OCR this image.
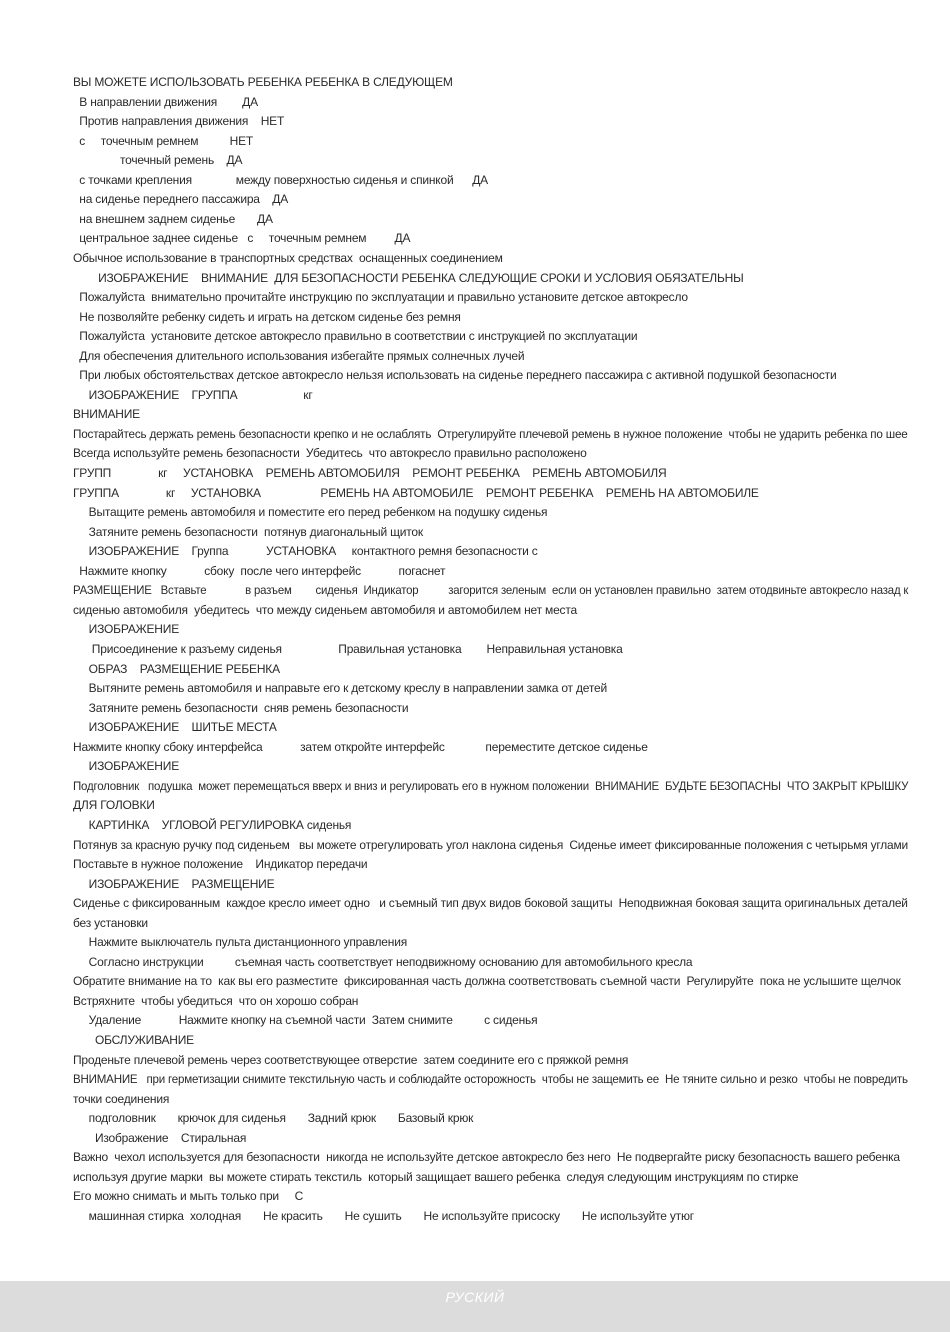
ВЫ МОЖЕТЕ ИСПОЛЬЗОВАТЬ РЕБЕНКА РЕБЕНКА В СЛЕДУЮЩЕМ
В направлении движения        ДА
Против направления движения    НЕТ
с     точечным ремнем          НЕТ
точечный ремень    ДА
с точками крепления              между поверхностью сиденья и спинкой      ДА
на сиденье переднего пассажира    ДА
на внешнем заднем сиденье       ДА
центральное заднее сиденье   с     точечным ремнем         ДА
Обычное использование в транспортных средствах  оснащенных соединением
ИЗОБРАЖЕНИЕ    ВНИМАНИЕ  ДЛЯ БЕЗОПАСНОСТИ РЕБЕНКА СЛЕДУЮЩИЕ СРОКИ И УСЛОВИЯ ОБЯЗАТЕЛЬНЫ
Пожалуйста  внимательно прочитайте инструкцию по эксплуатации и правильно установите детское автокресло
Не позволяйте ребенку сидеть и играть на детском сиденье без ремня
Пожалуйста  установите детское автокресло правильно в соответствии с инструкцией по эксплуатации
Для обеспечения длительного использования избегайте прямых солнечных лучей
При любых обстоятельствах детское автокресло нельзя использовать на сиденье переднего пассажира с активной подушкой безопасности
ИЗОБРАЖЕНИЕ    ГРУППА                     кг
ВНИМАНИЕ
Постарайтесь держать ремень безопасности крепко и не ослаблять  Отрегулируйте плечевой ремень в нужное положение  чтобы не ударить ребенка по шее
Всегда используйте ремень безопасности  Убедитесь  что автокресло правильно расположено
ГРУПП               кг     УСТАНОВКА    РЕМЕНЬ АВТОМОБИЛЯ    РЕМОНТ РЕБЕНКА    РЕМЕНЬ АВТОМОБИЛЯ
ГРУППА               кг     УСТАНОВКА                   РЕМЕНЬ НА АВТОМОБИЛЕ    РЕМОНТ РЕБЕНКА    РЕМЕНЬ НА АВТОМОБИЛЕ
Вытащите ремень автомобиля и поместите его перед ребенком на подушку сиденья
Затяните ремень безопасности  потянув диагональный щиток
ИЗОБРАЖЕНИЕ    Группа            УСТАНОВКА     контактного ремня безопасности с
Нажмите кнопку            сбоку  после чего интерфейс            погаснет
РАЗМЕЩЕНИЕ   Вставьте             в разъем        сиденья  Индикатор          загорится зеленым  если он установлен правильно  затем отодвиньте автокресло назад к
сиденью автомобиля  убедитесь  что между сиденьем автомобиля и автомобилем нет места
ИЗОБРАЖЕНИЕ
Присоединение к разъему сиденья                  Правильная установка        Неправильная установка
ОБРАЗ    РАЗМЕЩЕНИЕ РЕБЕНКА
Вытяните ремень автомобиля и направьте его к детскому креслу в направлении замка от детей
Затяните ремень безопасности  сняв ремень безопасности
ИЗОБРАЖЕНИЕ    ШИТЬЕ МЕСТА
Нажмите кнопку сбоку интерфейса            затем откройте интерфейс             переместите детское сиденье
ИЗОБРАЖЕНИЕ
Подголовник   подушка  может перемещаться вверх и вниз и регулировать его в нужном положении  ВНИМАНИЕ  БУДЬТЕ БЕЗОПАСНЫ  ЧТО ЗАКРЫТ КРЫШКУ
ДЛЯ ГОЛОВКИ
КАРТИНКА    УГЛОВОЙ РЕГУЛИРОВКА сиденья
Потянув за красную ручку под сиденьем   вы можете отрегулировать угол наклона сиденья  Сиденье имеет фиксированные положения с четырьмя углами
Поставьте в нужное положение    Индикатор передачи
ИЗОБРАЖЕНИЕ    РАЗМЕЩЕНИЕ
Сиденье с фиксированным  каждое кресло имеет одно   и съемный тип двух видов боковой защиты  Неподвижная боковая защита оригинальных деталей
без установки
Нажмите выключатель пульта дистанционного управления
Согласно инструкции          съемная часть соответствует неподвижному основанию для автомобильного кресла
Обратите внимание на то  как вы его разместите  фиксированная часть должна соответствовать съемной части  Регулируйте  пока не услышите щелчок
Встряхните  чтобы убедиться  что он хорошо собран
Удаление            Нажмите кнопку на съемной части  Затем снимите          с сиденья
ОБСЛУЖИВАНИЕ
Проденьте плечевой ремень через соответствующее отверстие  затем соедините его с пряжкой ремня
ВНИМАНИЕ   при герметизации снимите текстильную часть и соблюдайте осторожность  чтобы не защемить ее  Не тяните сильно и резко  чтобы не повредить
точки соединения
подголовник       крючок для сиденья       Задний крюк       Базовый крюк
Изображение    Стиральная
Важно  чехол используется для безопасности  никогда не используйте детское автокресло без него  Не подвергайте риску безопасность вашего ребенка
используя другие марки  вы можете стирать текстиль  который защищает вашего ребенка  следуя следующим инструкциям по стирке
Его можно снимать и мыть только при     С
машинная стирка  холодная       Не красить       Не сушить       Не используйте присоску       Не используйте утюг
РУСКИЙ
